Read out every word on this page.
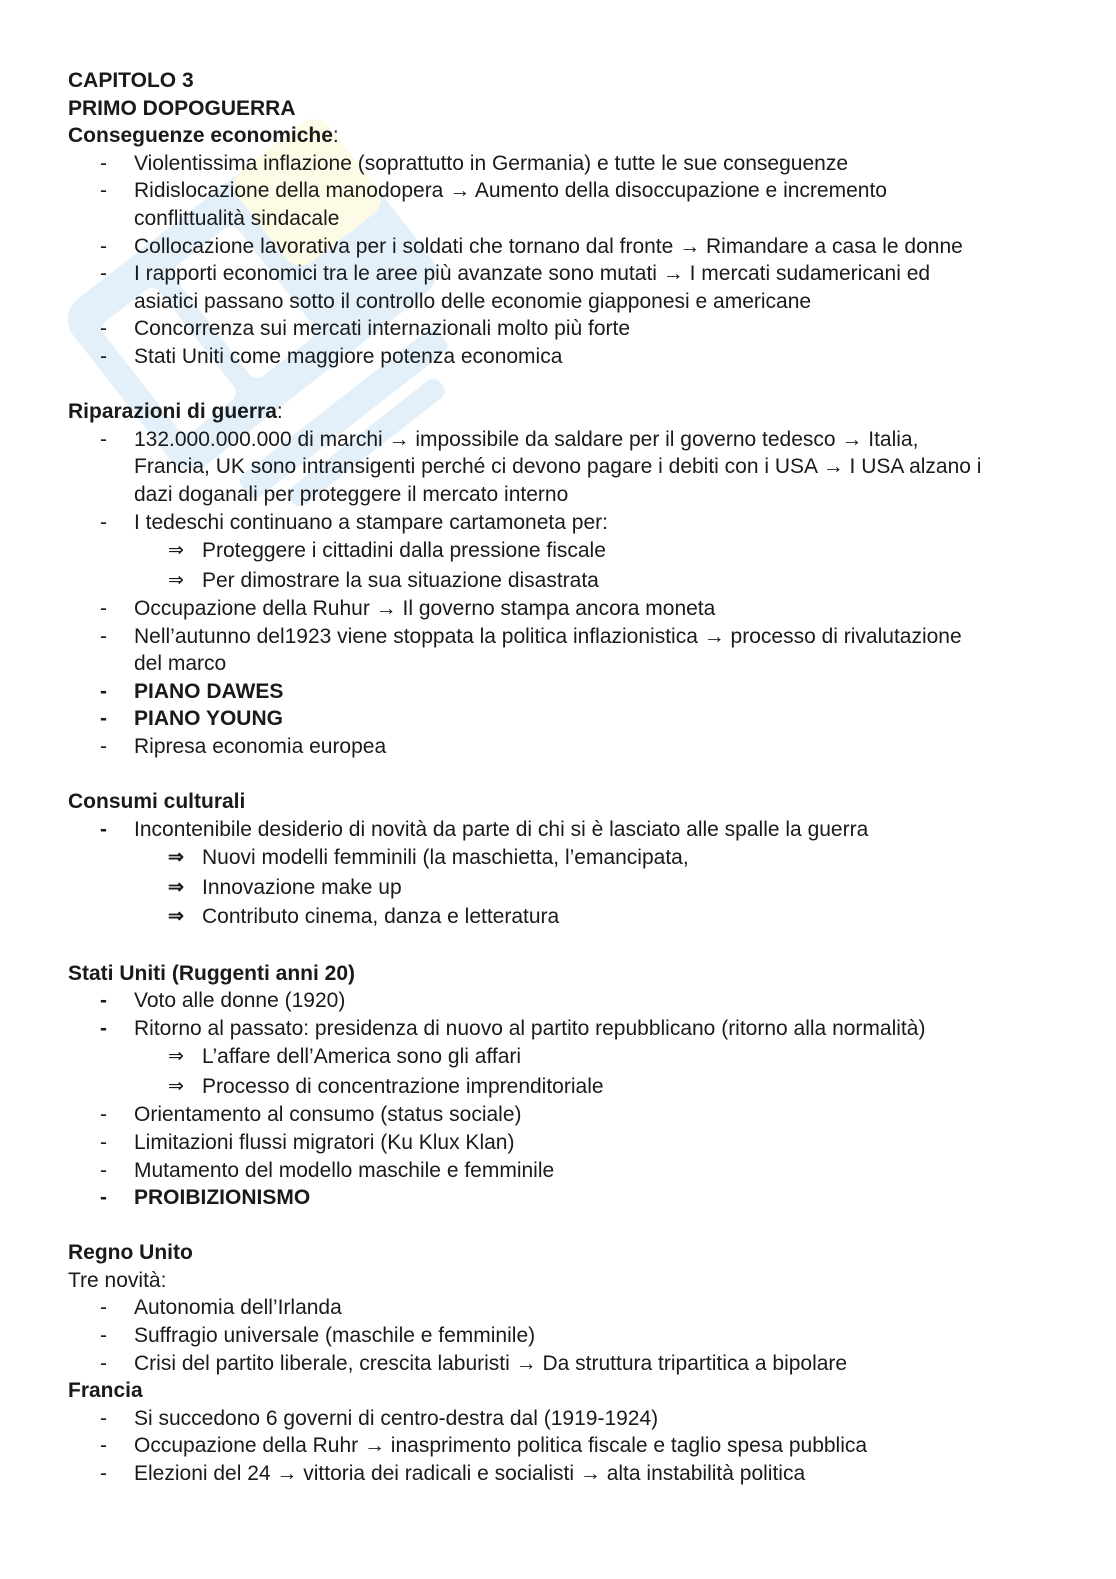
CAPITOLO 3

PRIMO DOPOGUERRA

Conseguenze economiche:

- Violentissima inflazione (soprattutto in Germania) e tutte le sue conseguenze
- Ridislocazione della manodopera → Aumento della disoccupazione e incremento
conflittualità sindacale
- Collocazione lavorativa per i soldati che tornano dal fronte → Rimandare a casa le donne
- I rapporti economici tra le aree più avanzate sono mutati → I mercati sudamericani ed
asiatici passano sotto il controllo delle economie giapponesi e americane
- Concorrenza sui mercati internazionali molto più forte
- Stati Uniti come maggiore potenza economica

Riparazioni di guerra:

- 132.000.000.000 di marchi → impossibile da saldare per il governo tedesco → Italia,
Francia, UK sono intransigenti perché ci devono pagare i debiti con i USA → I USA alzano i
dazi doganali per proteggere il mercato interno
- I tedeschi continuano a stampare cartamoneta per:
⇒ Proteggere i cittadini dalla pressione fiscale
⇒ Per dimostrare la sua situazione disastrata
- Occupazione della Ruhur → Il governo stampa ancora moneta
- Nell’autunno del1923 viene stoppata la politica inflazionistica → processo di rivalutazione
del marco
- PIANO DAWES
- PIANO YOUNG
- Ripresa economia europea

Consumi culturali

- Incontenibile desiderio di novità da parte di chi si è lasciato alle spalle la guerra
⇒ Nuovi modelli femminili (la maschietta, l’emancipata,
⇒ Innovazione make up
⇒ Contributo cinema, danza e letteratura

Stati Uniti (Ruggenti anni 20)

- Voto alle donne (1920)
- Ritorno al passato: presidenza di nuovo al partito repubblicano (ritorno alla normalità)
⇒ L’affare dell’America sono gli affari
⇒ Processo di concentrazione imprenditoriale
- Orientamento al consumo (status sociale)
- Limitazioni flussi migratori (Ku Klux Klan)
- Mutamento del modello maschile e femminile
- PROIBIZIONISMO

Regno Unito

Tre novità:

- Autonomia dell’Irlanda
- Suffragio universale (maschile e femminile)
- Crisi del partito liberale, crescita laburisti → Da struttura tripartitica a bipolare

Francia

- Si succedono 6 governi di centro-destra dal (1919-1924)
- Occupazione della Ruhr → inasprimento politica fiscale e taglio spesa pubblica
- Elezioni del 24 → vittoria dei radicali e socialisti → alta instabilità politica
